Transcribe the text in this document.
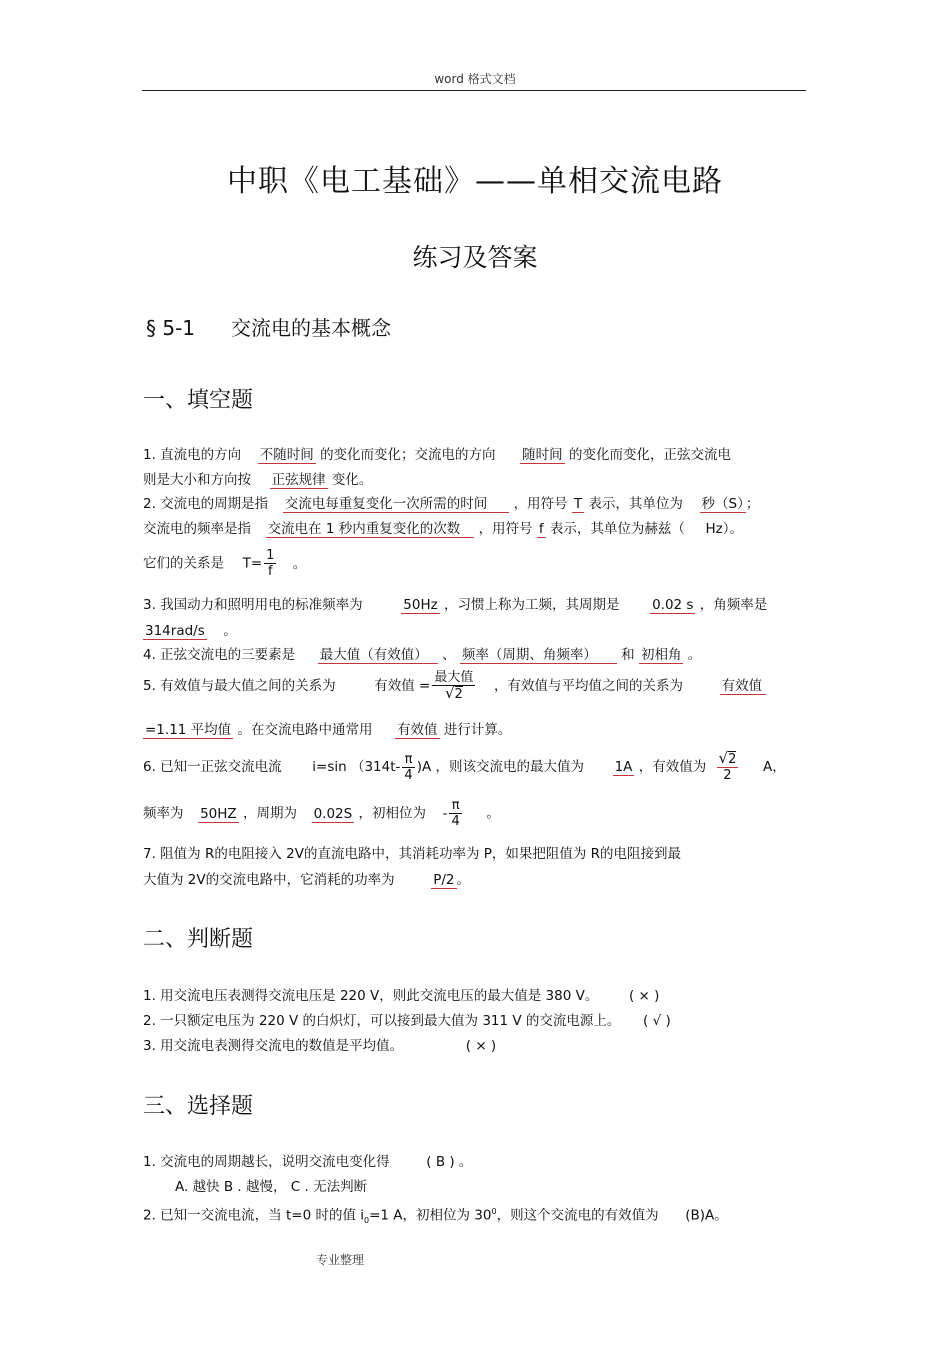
word 格式文档
中职《电工基础》——单相交流电路
练习及答案
§ 5-1 交流电的基本概念
一、填空题
1. 直流电的方向 不随时间 的变化而变化；交流电的方向 随时间 的变化而变化，正弦交流电
则是大小和方向按 正弦规律 变化。
2. 交流电的周期是指 交流电每重复变化一次所需的时间 ，用符号 T 表示，其单位为 秒（S） ；
交流电的频率是指 交流电在 1 秒内重复变化的次数 ，用符号 f 表示，其单位为赫兹（ Hz）。
它们的关系是 $T= \frac{1}{f}$ 。
3. 我国动力和照明用电的标准频率为	50Hz ，习惯上称为工频，其周期是 0.02 s ，角频率是
314rad/s 。
4. 正弦交流电的三要素是 最大值（有效值） 、 频率（周期、角频率） 和 初相角 。
5. 有效值与最大值之间的关系为	有效值 = $\frac{\text{最大值}}{√2}$ ，有效值与平均值之间的关系为	有效值
=1.11 平均值 。在交流电路中通常用 有效值 进行计算。
6. 已知一正弦交流电流 i=sin $(314t- \frac{\pi}{4} )A$ ，则该交流电的最大值为 1A ，有效值为 $\frac{√2}{2}$ A，
频率为 50HZ ，周期为 0.02S ，初相位为 - $\frac{\pi}{4}$ 。
7. 阻值为 R的电阻接入 2V的直流电路中，其消耗功率为 P，如果把阻值为 R的电阻接到最
大值为 2V的交流电路中，它消耗的功率为	P/2 。
二、判断题
1. 用交流电压表测得交流电压是 220 V，则此交流电压的最大值是 380 V。 ( × )
2. 一只额定电压为 220 V 的白炽灯，可以接到最大值为 311 V 的交流电源上。 ( √ )
3. 用交流电表测得交流电的数值是平均值。	( × )
三、选择题
1. 交流电的周期越长，说明交流电变化得	( B ) 。
A. 越快 B . 越慢， C . 无法判断
2. 已知一交流电流，当 t=0 时的值 $i_0=1$ A，初相位为 $30^0$，则这个交流电的有效值为 (B)A。
专业整理
